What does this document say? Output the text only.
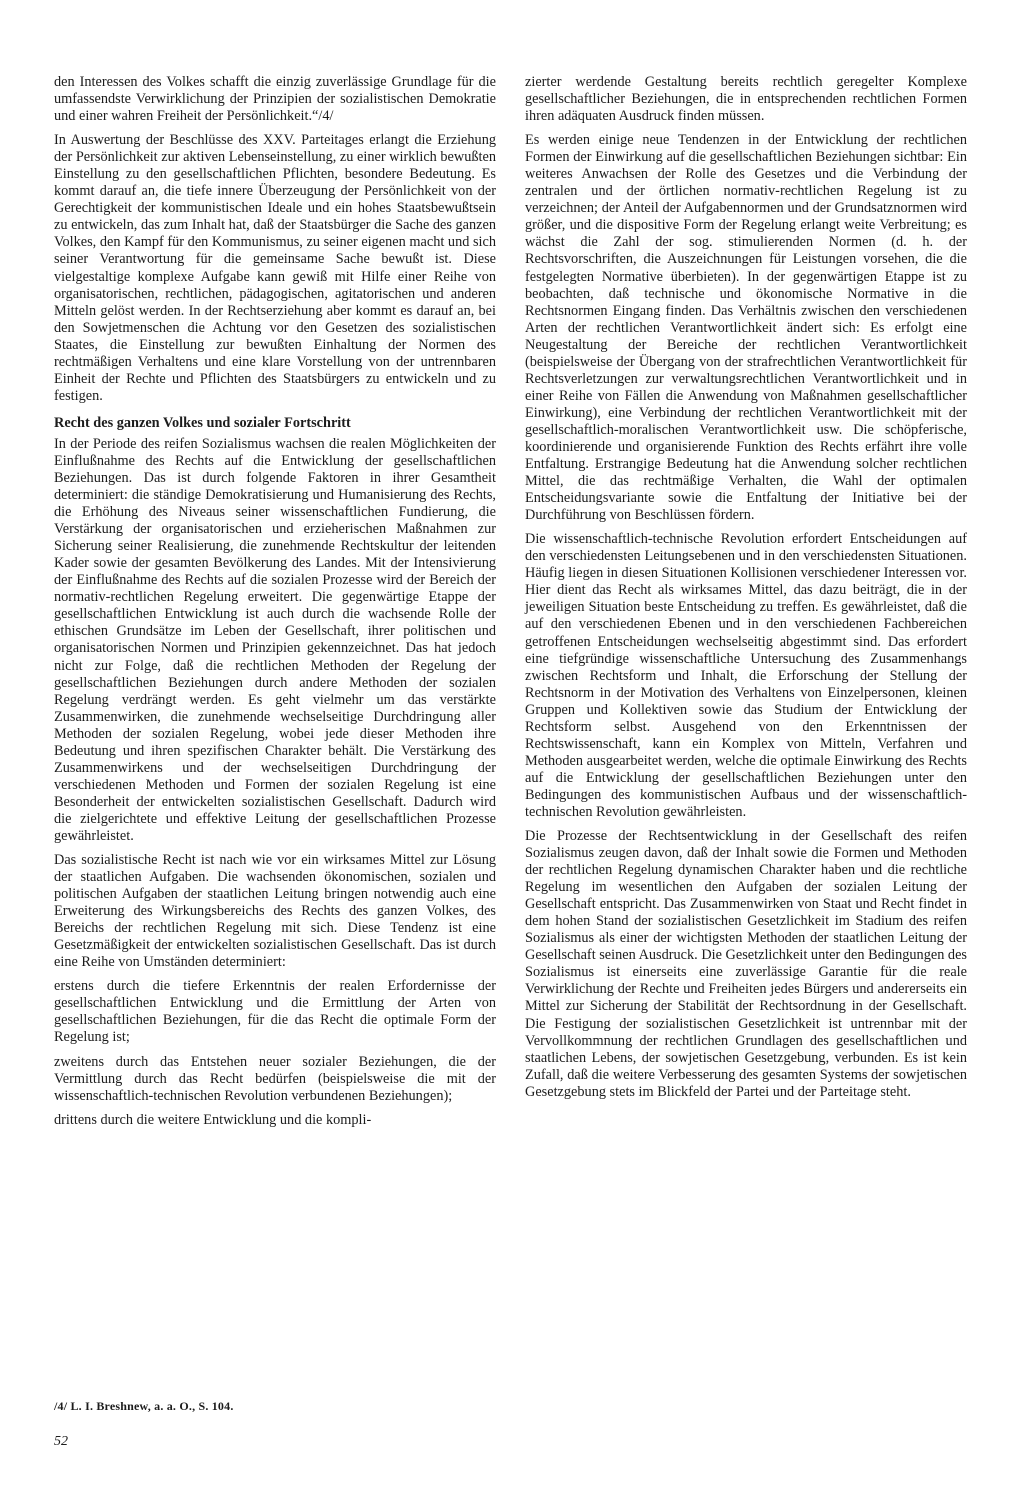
den Interessen des Volkes schafft die einzig zuverlässige Grundlage für die umfassendste Verwirklichung der Prinzipien der sozialistischen Demokratie und einer wahren Freiheit der Persönlichkeit.“/4/

In Auswertung der Beschlüsse des XXV. Parteitages erlangt die Erziehung der Persönlichkeit zur aktiven Lebenseinstellung, zu einer wirklich bewußten Einstellung zu den gesellschaftlichen Pflichten, besondere Bedeutung. Es kommt darauf an, die tiefe innere Überzeugung der Persönlichkeit von der Gerechtigkeit der kommunistischen Ideale und ein hohes Staatsbewußtsein zu entwickeln, das zum Inhalt hat, daß der Staatsbürger die Sache des ganzen Volkes, den Kampf für den Kommunismus, zu seiner eigenen macht und sich seiner Verantwortung für die gemeinsame Sache bewußt ist. Diese vielgestaltige komplexe Aufgabe kann gewiß mit Hilfe einer Reihe von organisatorischen, rechtlichen, pädagogischen, agitatorischen und anderen Mitteln gelöst werden. In der Rechtserziehung aber kommt es darauf an, bei den Sowjetmenschen die Achtung vor den Gesetzen des sozialistischen Staates, die Einstellung zur bewußten Einhaltung der Normen des rechtmäßigen Verhaltens und eine klare Vorstellung von der untrennbaren Einheit der Rechte und Pflichten des Staatsbürgers zu entwickeln und zu festigen.

Recht des ganzen Volkes und sozialer Fortschritt

In der Periode des reifen Sozialismus wachsen die realen Möglichkeiten der Einflußnahme des Rechts auf die Entwicklung der gesellschaftlichen Beziehungen. Das ist durch folgende Faktoren in ihrer Gesamtheit determiniert: die ständige Demokratisierung und Humanisierung des Rechts, die Erhöhung des Niveaus seiner wissenschaftlichen Fundierung, die Verstärkung der organisatorischen und erzieherischen Maßnahmen zur Sicherung seiner Realisierung, die zunehmende Rechtskultur der leitenden Kader sowie der gesamten Bevölkerung des Landes. Mit der Intensivierung der Einflußnahme des Rechts auf die sozialen Prozesse wird der Bereich der normativ-rechtlichen Regelung erweitert. Die gegenwärtige Etappe der gesellschaftlichen Entwicklung ist auch durch die wachsende Rolle der ethischen Grundsätze im Leben der Gesellschaft, ihrer politischen und organisatorischen Normen und Prinzipien gekennzeichnet. Das hat jedoch nicht zur Folge, daß die rechtlichen Methoden der Regelung der gesellschaftlichen Beziehungen durch andere Methoden der sozialen Regelung verdrängt werden. Es geht vielmehr um das verstärkte Zusammenwirken, die zunehmende wechselseitige Durchdringung aller Methoden der sozialen Regelung, wobei jede dieser Methoden ihre Bedeutung und ihren spezifischen Charakter behält. Die Verstärkung des Zusammenwirkens und der wechselseitigen Durchdringung der verschiedenen Methoden und Formen der sozialen Regelung ist eine Besonderheit der entwickelten sozialistischen Gesellschaft. Dadurch wird die zielgerichtete und effektive Leitung der gesellschaftlichen Prozesse gewährleistet.

Das sozialistische Recht ist nach wie vor ein wirksames Mittel zur Lösung der staatlichen Aufgaben. Die wachsenden ökonomischen, sozialen und politischen Aufgaben der staatlichen Leitung bringen notwendig auch eine Erweiterung des Wirkungsbereichs des Rechts des ganzen Volkes, des Bereichs der rechtlichen Regelung mit sich. Diese Tendenz ist eine Gesetzmäßigkeit der entwickelten sozialistischen Gesellschaft. Das ist durch eine Reihe von Umständen determiniert:

erstens durch die tiefere Erkenntnis der realen Erfordernisse der gesellschaftlichen Entwicklung und die Ermittlung der Arten von gesellschaftlichen Beziehungen, für die das Recht die optimale Form der Regelung ist;

zweitens durch das Entstehen neuer sozialer Beziehungen, die der Vermittlung durch das Recht bedürfen (beispielsweise die mit der wissenschaftlich-technischen Revolution verbundenen Beziehungen);

drittens durch die weitere Entwicklung und die kompli-

zierter werdende Gestaltung bereits rechtlich geregelter Komplexe gesellschaftlicher Beziehungen, die in entsprechenden rechtlichen Formen ihren adäquaten Ausdruck finden müssen.

Es werden einige neue Tendenzen in der Entwicklung der rechtlichen Formen der Einwirkung auf die gesellschaftlichen Beziehungen sichtbar: Ein weiteres Anwachsen der Rolle des Gesetzes und die Verbindung der zentralen und der örtlichen normativ-rechtlichen Regelung ist zu verzeichnen; der Anteil der Aufgabennormen und der Grundsatznormen wird größer, und die dispositive Form der Regelung erlangt weite Verbreitung; es wächst die Zahl der sog. stimulierenden Normen (d. h. der Rechtsvorschriften, die Auszeichnungen für Leistungen vorsehen, die die festgelegten Normative überbieten). In der gegenwärtigen Etappe ist zu beobachten, daß technische und ökonomische Normative in die Rechtsnormen Eingang finden. Das Verhältnis zwischen den verschiedenen Arten der rechtlichen Verantwortlichkeit ändert sich: Es erfolgt eine Neugestaltung der Bereiche der rechtlichen Verantwortlichkeit (beispielsweise der Übergang von der strafrechtlichen Verantwortlichkeit für Rechtsverletzungen zur verwaltungsrechtlichen Verantwortlichkeit und in einer Reihe von Fällen die Anwendung von Maßnahmen gesellschaftlicher Einwirkung), eine Verbindung der rechtlichen Verantwortlichkeit mit der gesellschaftlich-moralischen Verantwortlichkeit usw. Die schöpferische, koordinierende und organisierende Funktion des Rechts erfährt ihre volle Entfaltung. Erstrangige Bedeutung hat die Anwendung solcher rechtlichen Mittel, die das rechtmäßige Verhalten, die Wahl der optimalen Entscheidungsvariante sowie die Entfaltung der Initiative bei der Durchführung von Beschlüssen fördern.

Die wissenschaftlich-technische Revolution erfordert Entscheidungen auf den verschiedensten Leitungsebenen und in den verschiedensten Situationen. Häufig liegen in diesen Situationen Kollisionen verschiedener Interessen vor. Hier dient das Recht als wirksames Mittel, das dazu beiträgt, die in der jeweiligen Situation beste Entscheidung zu treffen. Es gewährleistet, daß die auf den verschiedenen Ebenen und in den verschiedenen Fachbereichen getroffenen Entscheidungen wechselseitig abgestimmt sind. Das erfordert eine tiefgründige wissenschaftliche Untersuchung des Zusammenhangs zwischen Rechtsform und Inhalt, die Erforschung der Stellung der Rechtsnorm in der Motivation des Verhaltens von Einzelpersonen, kleinen Gruppen und Kollektiven sowie das Studium der Entwicklung der Rechtsform selbst. Ausgehend von den Erkenntnissen der Rechtswissenschaft, kann ein Komplex von Mitteln, Verfahren und Methoden ausgearbeitet werden, welche die optimale Einwirkung des Rechts auf die Entwicklung der gesellschaftlichen Beziehungen unter den Bedingungen des kommunistischen Aufbaus und der wissenschaftlich-technischen Revolution gewährleisten.

Die Prozesse der Rechtsentwicklung in der Gesellschaft des reifen Sozialismus zeugen davon, daß der Inhalt sowie die Formen und Methoden der rechtlichen Regelung dynamischen Charakter haben und die rechtliche Regelung im wesentlichen den Aufgaben der sozialen Leitung der Gesellschaft entspricht. Das Zusammenwirken von Staat und Recht findet in dem hohen Stand der sozialistischen Gesetzlichkeit im Stadium des reifen Sozialismus als einer der wichtigsten Methoden der staatlichen Leitung der Gesellschaft seinen Ausdruck. Die Gesetzlichkeit unter den Bedingungen des Sozialismus ist einerseits eine zuverlässige Garantie für die reale Verwirklichung der Rechte und Freiheiten jedes Bürgers und andererseits ein Mittel zur Sicherung der Stabilität der Rechtsordnung in der Gesellschaft. Die Festigung der sozialistischen Gesetzlichkeit ist untrennbar mit der Vervollkommnung der rechtlichen Grundlagen des gesellschaftlichen und staatlichen Lebens, der sowjetischen Gesetzgebung, verbunden. Es ist kein Zufall, daß die weitere Verbesserung des gesamten Systems der sowjetischen Gesetzgebung stets im Blickfeld der Partei und der Parteitage steht.

/4/ L. I. Breshnew, a. a. O., S. 104.
52
